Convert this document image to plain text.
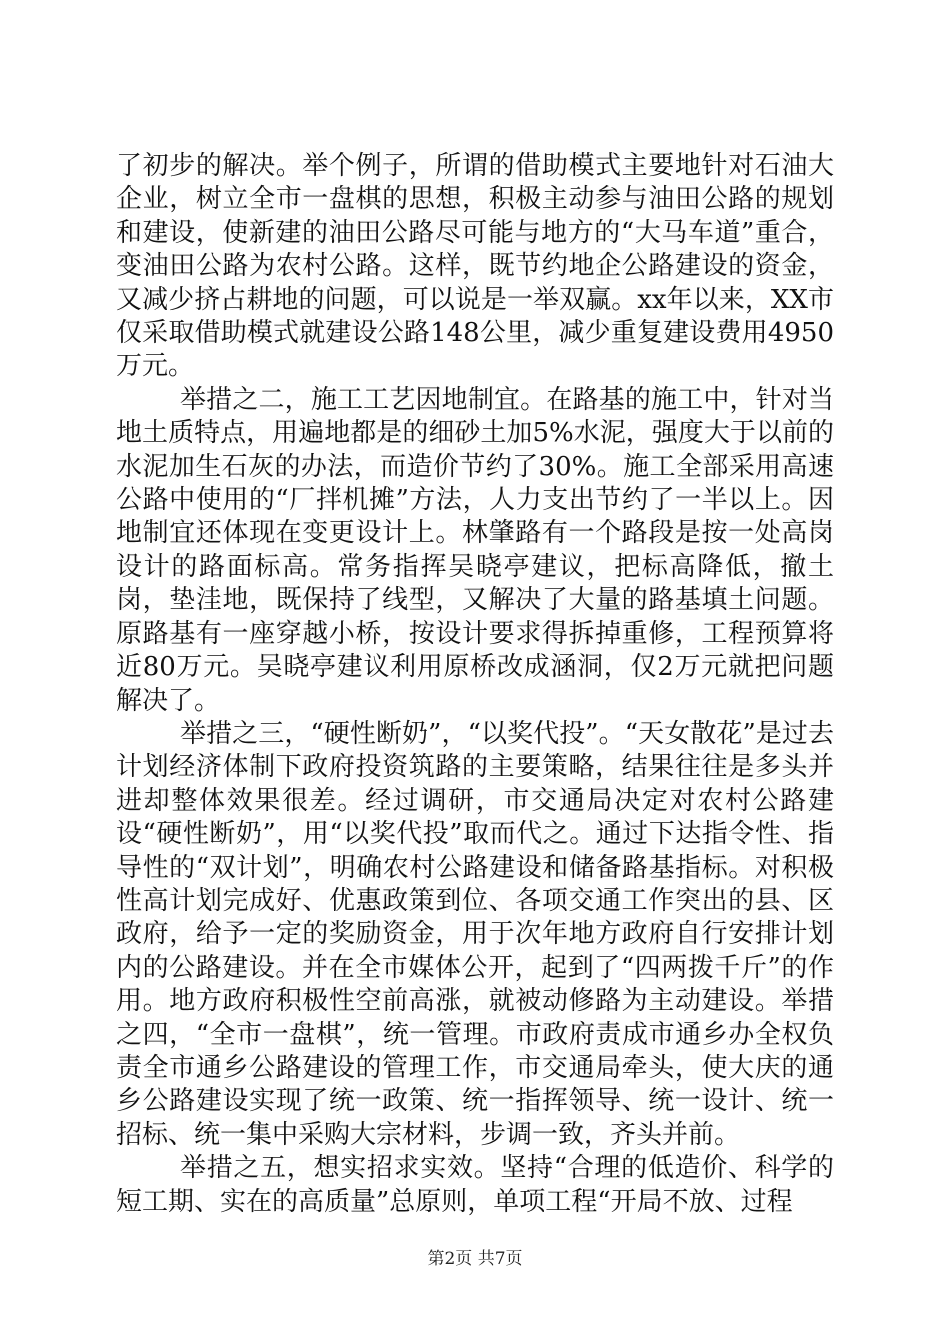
了初步的解决。举个例子，所谓的借助模式主要地针对石油大企业，树立全市一盘棋的思想，积极主动参与油田公路的规划和建设，使新建的油田公路尽可能与地方的“大马车道”重合，变油田公路为农村公路。这样，既节约地企公路建设的资金，又减少挤占耕地的问题，可以说是一举双赢。xx年以来，XX市仅采取借助模式就建设公路148公里，减少重复建设费用4950万元。

举措之二，施工工艺因地制宜。在路基的施工中，针对当地土质特点，用遍地都是的细砂土加5%水泥，强度大于以前的水泥加生石灰的办法，而造价节约了30%。施工全部采用高速公路中使用的“厂拌机摊”方法，人力支出节约了一半以上。因地制宜还体现在变更设计上。林肇路有一个路段是按一处高岗设计的路面标高。常务指挥吴晓亭建议，把标高降低，撤土岗，垫洼地，既保持了线型，又解决了大量的路基填土问题。原路基有一座穿越小桥，按设计要求得拆掉重修，工程预算将近80万元。吴晓亭建议利用原桥改成涵洞，仅2万元就把问题解决了。

举措之三，“硬性断奶”，“以奖代投”。“天女散花”是过去计划经济体制下政府投资筑路的主要策略，结果往往是多头并进却整体效果很差。经过调研，市交通局决定对农村公路建设“硬性断奶”，用“以奖代投”取而代之。通过下达指令性、指导性的“双计划”，明确农村公路建设和储备路基指标。对积极性高计划完成好、优惠政策到位、各项交通工作突出的县、区政府，给予一定的奖励资金，用于次年地方政府自行安排计划内的公路建设。并在全市媒体公开，起到了“四两拨千斤”的作用。地方政府积极性空前高涨，就被动修路为主动建设。举措之四，“全市一盘棋”，统一管理。市政府责成市通乡办全权负责全市通乡公路建设的管理工作，市交通局牵头，使大庆的通乡公路建设实现了统一政策、统一指挥领导、统一设计、统一招标、统一集中采购大宗材料，步调一致，齐头并前。

举措之五，想实招求实效。坚持“合理的低造价、科学的短工期、实在的高质量”总原则，单项工程“开局不放、过程

第2页 共7页
